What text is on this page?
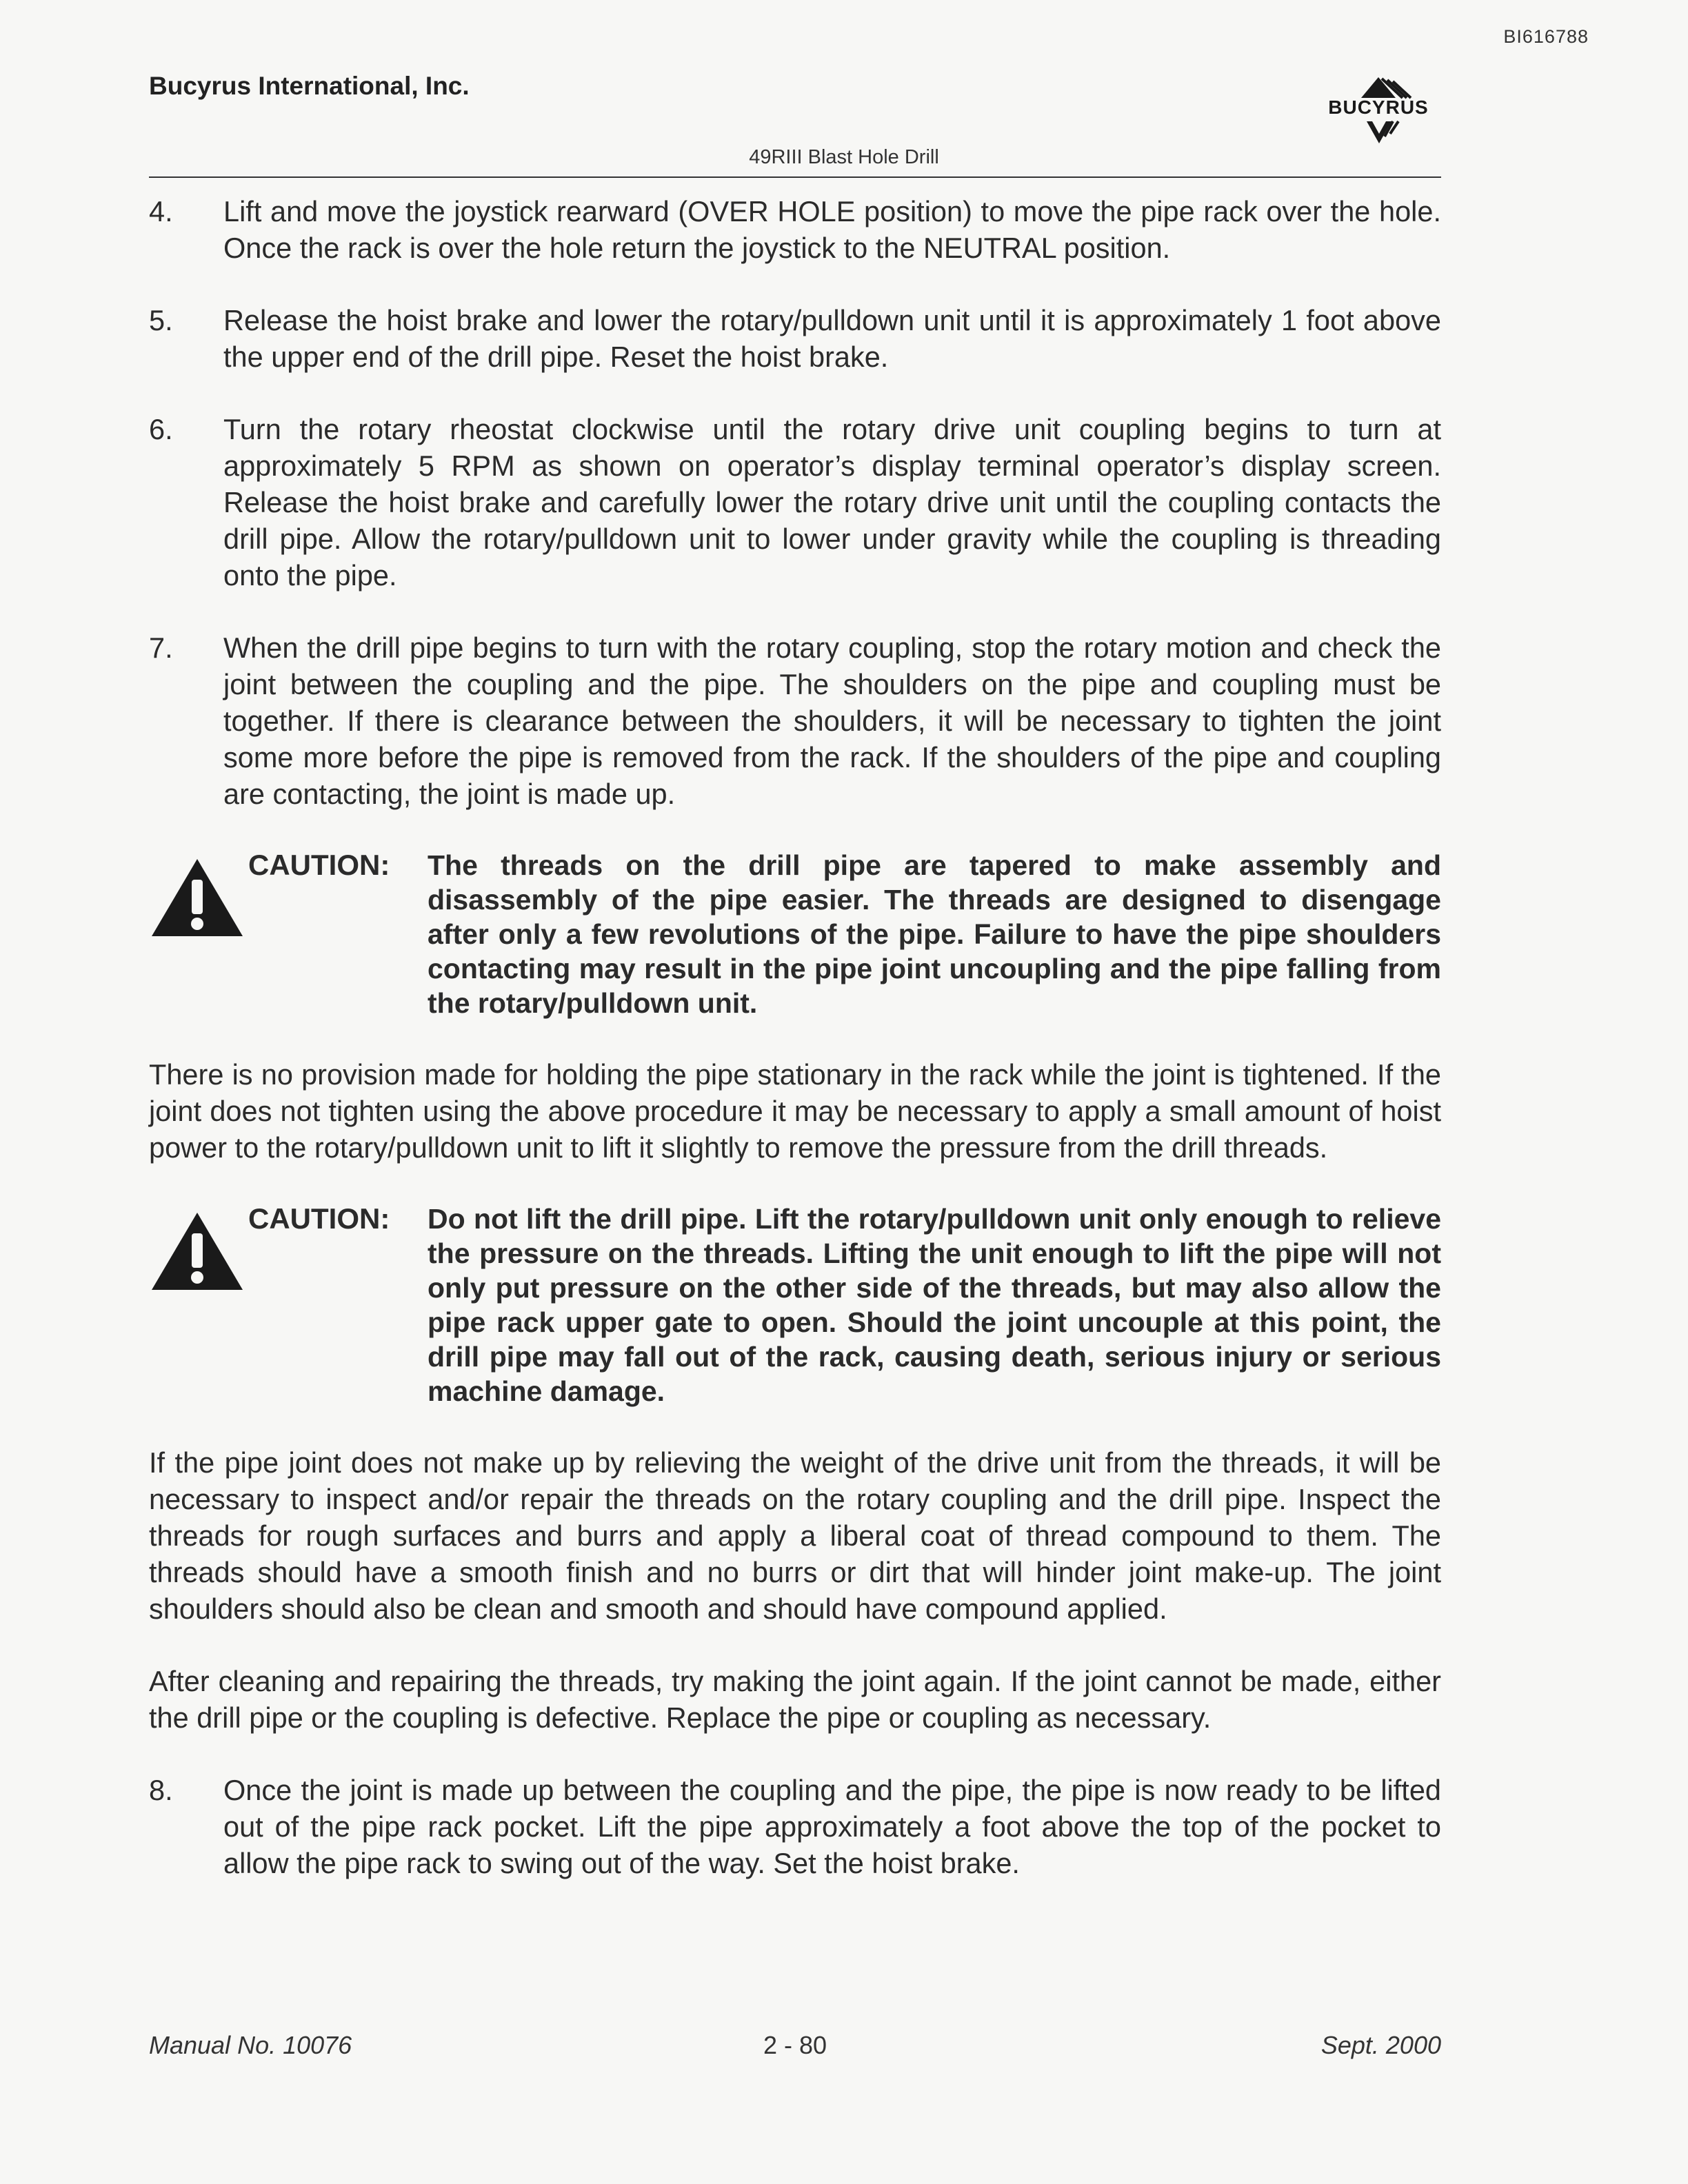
BI616788
Bucyrus International, Inc.
BUCYRUS
49RIII Blast Hole Drill
4.	Lift and move the joystick rearward (OVER HOLE position) to move the pipe rack over the hole. Once the rack is over the hole return the joystick to the NEUTRAL position.
5.	Release the hoist brake and lower the rotary/pulldown unit until it is approximately 1 foot above the upper end of the drill pipe. Reset the hoist brake.
6.	Turn the rotary rheostat clockwise until the rotary drive unit coupling begins to turn at approximately 5 RPM as shown on operator’s display terminal operator’s display screen. Release the hoist brake and carefully lower the rotary drive unit until the coupling contacts the drill pipe. Allow the rotary/pulldown unit to lower under gravity while the coupling is threading onto the pipe.
7.	When the drill pipe begins to turn with the rotary coupling, stop the rotary motion and check the joint between the coupling and the pipe. The shoulders on the pipe and coupling must be together. If there is clearance between the shoulders, it will be necessary to tighten the joint some more before the pipe is removed from the rack. If the shoulders of the pipe and coupling are contacting, the joint is made up.
CAUTION:	The threads on the drill pipe are tapered to make assembly and disassembly of the pipe easier. The threads are designed to disengage after only a few revolutions of the pipe. Failure to have the pipe shoulders contacting may result in the pipe joint uncoupling and the pipe falling from the rotary/pulldown unit.
There is no provision made for holding the pipe stationary in the rack while the joint is tightened. If the joint does not tighten using the above procedure it may be necessary to apply a small amount of hoist power to the rotary/pulldown unit to lift it slightly to remove the pressure from the drill threads.
CAUTION:	Do not lift the drill pipe. Lift the rotary/pulldown unit only enough to relieve the pressure on the threads. Lifting the unit enough to lift the pipe will not only put pressure on the other side of the threads, but may also allow the pipe rack upper gate to open. Should the joint uncouple at this point, the drill pipe may fall out of the rack, causing death, serious injury or serious machine damage.
If the pipe joint does not make up by relieving the weight of the drive unit from the threads, it will be necessary to inspect and/or repair the threads on the rotary coupling and the drill pipe. Inspect the threads for rough surfaces and burrs and apply a liberal coat of thread compound to them. The threads should have a smooth finish and no burrs or dirt that will hinder joint make-up. The joint shoulders should also be clean and smooth and should have compound applied.
After cleaning and repairing the threads, try making the joint again. If the joint cannot be made, either the drill pipe or the coupling is defective. Replace the pipe or coupling as necessary.
8.	Once the joint is made up between the coupling and the pipe, the pipe is now ready to be lifted out of the pipe rack pocket. Lift the pipe approximately a foot above the top of the pocket to allow the pipe rack to swing out of the way. Set the hoist brake.
Manual No. 10076	2 - 80	Sept. 2000
